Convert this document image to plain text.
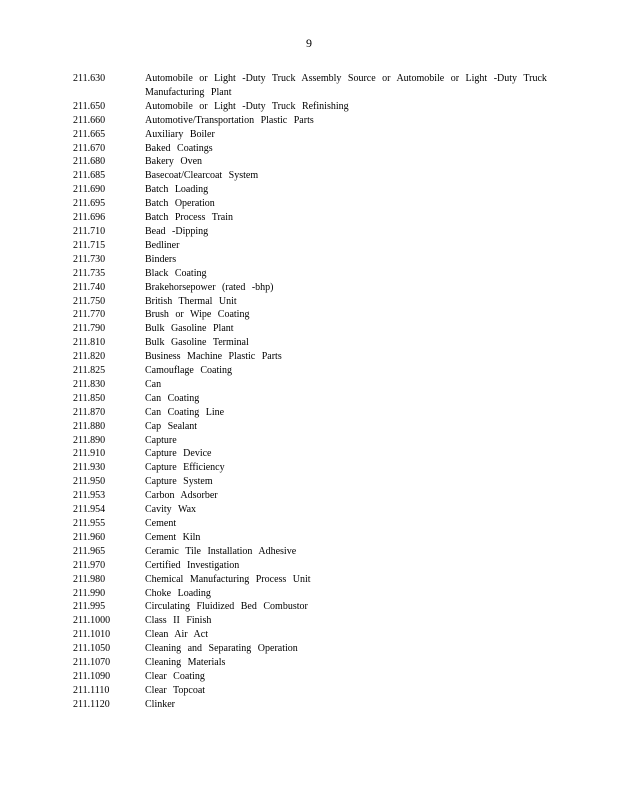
9
211.630	Automobile or Light -Duty Truck Assembly Source or Automobile or Light -Duty Truck Manufacturing Plant
211.650	Automobile or Light -Duty Truck Refinishing
211.660	Automotive/Transportation Plastic Parts
211.665	Auxiliary Boiler
211.670	Baked Coatings
211.680	Bakery Oven
211.685	Basecoat/Clearcoat System
211.690	Batch Loading
211.695	Batch Operation
211.696	Batch Process Train
211.710	Bead -Dipping
211.715	Bedliner
211.730	Binders
211.735	Black Coating
211.740	Brakehorsepower (rated -bhp)
211.750	British Thermal Unit
211.770	Brush or Wipe Coating
211.790	Bulk Gasoline Plant
211.810	Bulk Gasoline Terminal
211.820	Business Machine Plastic Parts
211.825	Camouflage Coating
211.830	Can
211.850	Can Coating
211.870	Can Coating Line
211.880	Cap Sealant
211.890	Capture
211.910	Capture Device
211.930	Capture Efficiency
211.950	Capture System
211.953	Carbon Adsorber
211.954	Cavity Wax
211.955	Cement
211.960	Cement Kiln
211.965	Ceramic Tile Installation Adhesive
211.970	Certified Investigation
211.980	Chemical Manufacturing Process Unit
211.990	Choke Loading
211.995	Circulating Fluidized Bed Combustor
211.1000	Class II Finish
211.1010	Clean Air Act
211.1050	Cleaning and Separating Operation
211.1070	Cleaning Materials
211.1090	Clear Coating
211.1110	Clear Topcoat
211.1120	Clinker
